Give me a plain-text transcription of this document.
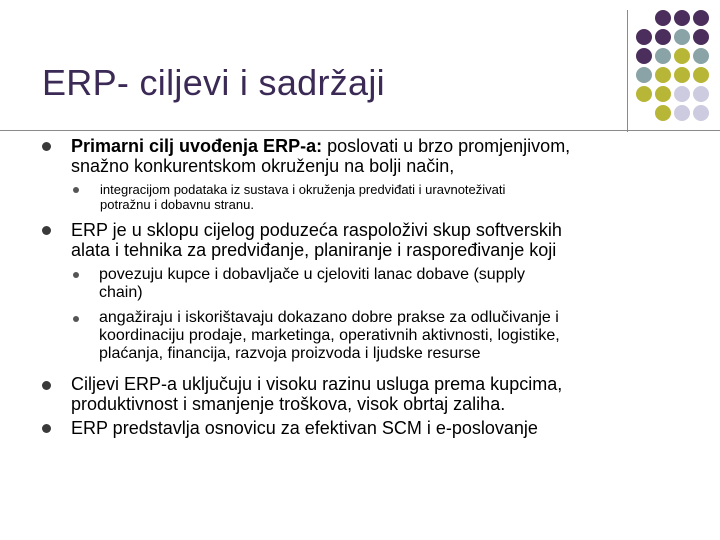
ERP- ciljevi i sadržaji
Primarni cilj uvođenja ERP-a: poslovati u brzo promjenjivom,
snažno konkurentskom okruženju na bolji način,
integracijom podataka iz sustava i okruženja predviđati i uravnoteživati
potražnu i dobavnu stranu.
ERP je u sklopu cijelog poduzeća raspoloživi skup softverskih
alata i tehnika za predviđanje, planiranje i raspoređivanje koji
povezuju kupce i dobavljače u cjeloviti lanac dobave (supply
chain)
angažiraju i iskorištavaju dokazano dobre prakse za odlučivanje i
koordinaciju prodaje, marketinga, operativnih aktivnosti, logistike,
plaćanja, financija, razvoja proizvoda i ljudske resurse
Ciljevi ERP-a uključuju i visoku razinu usluga prema kupcima,
produktivnost i smanjenje troškova, visok obrtaj zaliha.
ERP predstavlja osnovicu za efektivan SCM i e-poslovanje
